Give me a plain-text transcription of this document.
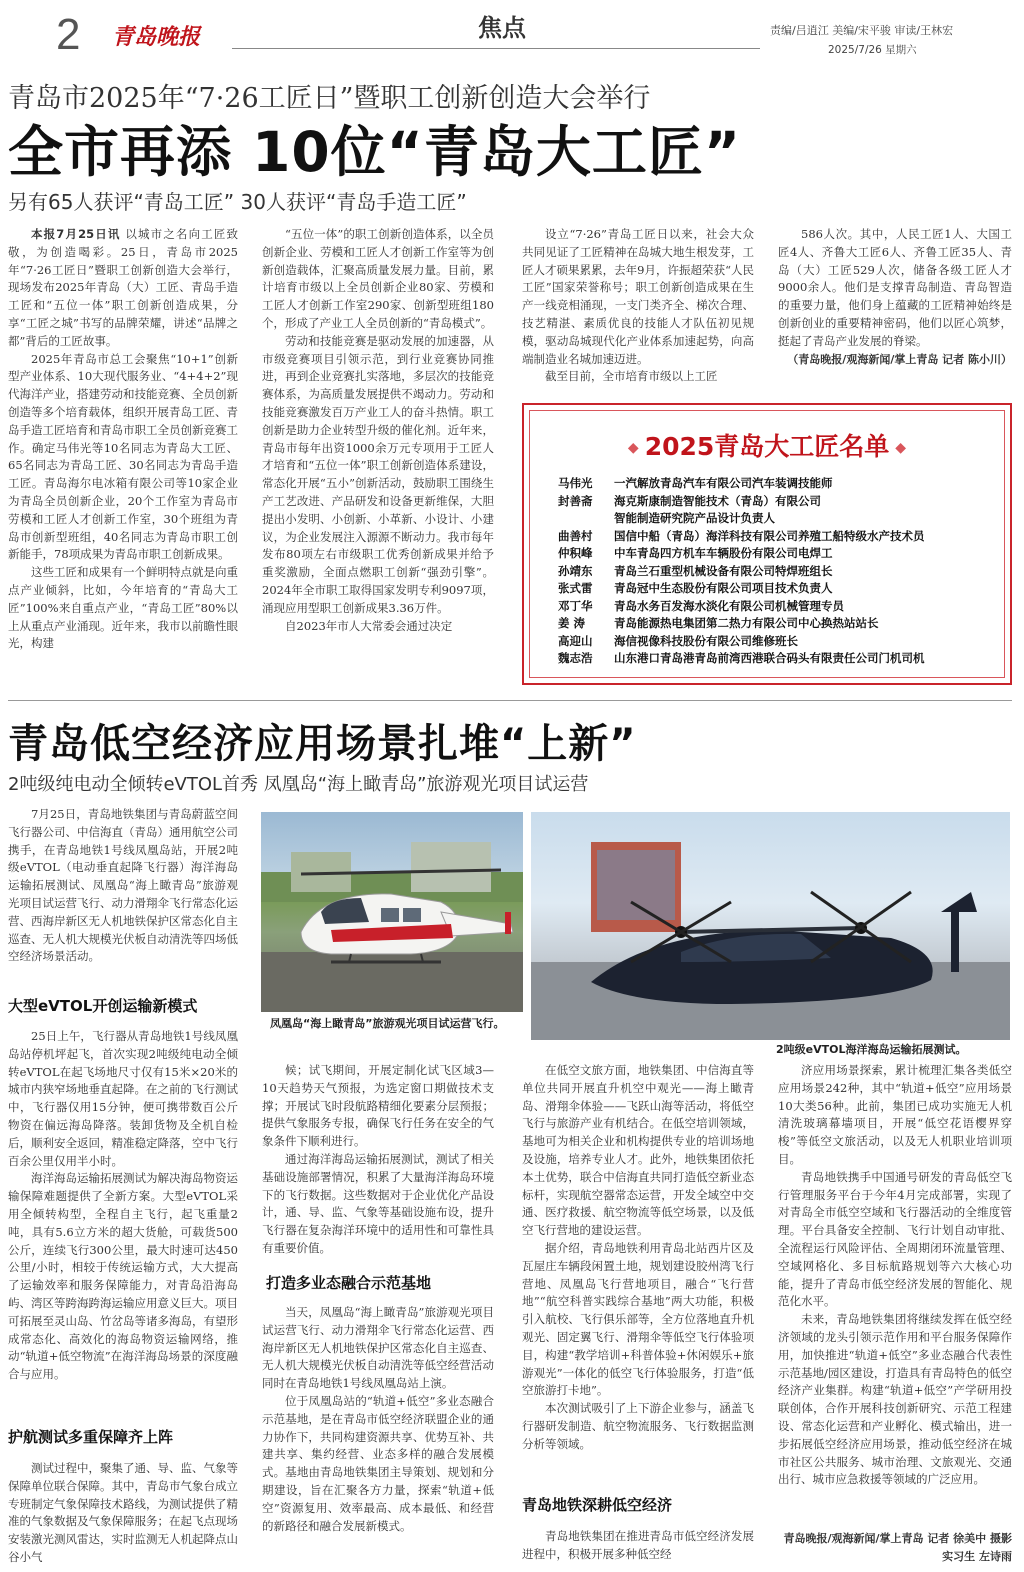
2 青岛晚报	焦点	责编/吕逍江 美编/宋平骏 审读/王林宏
2025/7/26 星期六
青岛市2025年“7·26工匠日”暨职工创新创造大会举行
全市再添 10位“青岛大工匠”
另有65人获评“青岛工匠” 30人获评“青岛手造工匠”

本报7月25日讯 以城市之名向工匠致敬，为创造喝彩。25日，青岛市2025年“7·26工匠日”暨职工创新创造大会举行，现场发布2025年青岛（大）工匠、青岛手造工匠和“五位一体”职工创新创造成果，分享“工匠之城”书写的品牌荣耀，讲述“品牌之都”背后的工匠故事。

2025年青岛市总工会聚焦“10+1”创新型产业体系、10大现代服务业、“4+4+2”现代海洋产业，搭建劳动和技能竞赛、全员创新创造等多个培育载体，组织开展青岛工匠、青岛手造工匠培育和青岛市职工全员创新竞赛工作。确定马伟光等10名同志为青岛大工匠、65名同志为青岛工匠、30名同志为青岛手造工匠。青岛海尔电冰箱有限公司等10家企业为青岛全员创新企业，20个工作室为青岛市劳模和工匠人才创新工作室，30个班组为青岛市创新型班组，40名同志为青岛市职工创新能手，78项成果为青岛市职工创新成果。

这些工匠和成果有一个鲜明特点就是向重点产业倾斜，比如，今年培育的“青岛大工匠”100%来自重点产业，“青岛工匠”80%以上从重点产业涌现。近年来，我市以前瞻性眼光，构建

“五位一体”的职工创新创造体系，以全员创新企业、劳模和工匠人才创新工作室等为创新创造载体，汇聚高质量发展力量。目前，累计培育市级以上全员创新企业80家、劳模和工匠人才创新工作室290家、创新型班组180个，形成了产业工人全员创新的“青岛模式”。

劳动和技能竞赛是驱动发展的加速器，从市级竞赛项目引领示范，到行业竞赛协同推进，再到企业竞赛扎实落地，多层次的技能竞赛体系，为高质量发展提供不竭动力。劳动和技能竞赛激发百万产业工人的奋斗热情。职工创新是助力企业转型升级的催化剂。近年来，青岛市每年出资1000余万元专项用于工匠人才培育和“五位一体”职工创新创造体系建设，常态化开展“五小”创新活动，鼓励职工围绕生产工艺改进、产品研发和设备更新维保，大胆提出小发明、小创新、小革新、小设计、小建议，为企业发展注入源源不断动力。我市每年发布80项左右市级职工优秀创新成果并给予重奖激励，全面点燃职工创新“强劲引擎”。2024年全市职工取得国家发明专利9097项，涌现应用型职工创新成果3.36万件。

自2023年市人大常委会通过决定

设立“7·26”青岛工匠日以来，社会大众共同见证了工匠精神在岛城大地生根发芽，工匠人才硕果累累，去年9月，许振超荣获“人民工匠”国家荣誉称号；职工创新创造成果在生产一线竞相涌现，一支门类齐全、梯次合理、技艺精湛、素质优良的技能人才队伍初见规模，驱动岛城现代化产业体系加速起势，向高端制造业名城加速迈进。

截至目前，全市培育市级以上工匠

586人次。其中，人民工匠1人、大国工匠4人、齐鲁大工匠6人、齐鲁工匠35人、青岛（大）工匠529人次，储备各级工匠人才9000余人。他们是支撑青岛制造、青岛智造的重要力量，他们身上蕴藏的工匠精神始终是创新创业的重要精神密码，他们以匠心筑梦，挺起了青岛产业发展的脊梁。

（青岛晚报/观海新闻/掌上青岛 记者 陈小川）

◆ 2025青岛大工匠名单 ◆
马伟光	一汽解放青岛汽车有限公司汽车装调技能师
封善斋	海克斯康制造智能技术（青岛）有限公司
智能制造研究院产品设计负责人
曲善村	国信中船（青岛）海洋科技有限公司养殖工船特级水产技术员
仲积峰	中车青岛四方机车车辆股份有限公司电焊工
孙靖东	青岛兰石重型机械设备有限公司特焊班组长
张式雷	青岛冠中生态股份有限公司项目技术负责人
邓丁华	青岛水务百发海水淡化有限公司机械管理专员
姜 涛	青岛能源热电集团第二热力有限公司中心换热站站长
高迎山	海信视像科技股份有限公司维修班长
魏志浩	山东港口青岛港青岛前湾西港联合码头有限责任公司门机司机
青岛低空经济应用场景扎堆“上新”
2吨级纯电动全倾转eVTOL首秀 凤凰岛“海上瞰青岛”旅游观光项目试运营

7月25日，青岛地铁集团与青岛蔚蓝空间飞行器公司、中信海直（青岛）通用航空公司携手，在青岛地铁1号线凤凰岛站，开展2吨级eVTOL（电动垂直起降飞行器）海洋海岛运输拓展测试、凤凰岛“海上瞰青岛”旅游观光项目试运营飞行、动力滑翔伞飞行常态化运营、西海岸新区无人机地铁保护区常态化自主巡查、无人机大规模光伏板自动清洗等四场低空经济场景活动。

大型eVTOL开创运输新模式

25日上午，飞行器从青岛地铁1号线凤凰岛站停机坪起飞，首次实现2吨级纯电动全倾转eVTOL在起飞场地尺寸仅有15米×20米的城市内狭窄场地垂直起降。在之前的飞行测试中，飞行器仅用15分钟，便可携带数百公斤物资在偏远海岛降落。装卸货物及全机自检后，顺利安全返回，精准稳定降落，空中飞行百余公里仅用半小时。

海洋海岛运输拓展测试为解决海岛物资运输保障难题提供了全新方案。大型eVTOL采用全倾转构型，全程自主飞行，起飞重量2吨，具有5.6立方米的超大货舱，可载货500公斤，连续飞行300公里，最大时速可达450公里/小时，相较于传统运输方式，大大提高了运输效率和服务保障能力，对青岛沿海岛屿、湾区等跨海跨海运输应用意义巨大。项目可拓展至灵山岛、竹岔岛等诸多海岛，有望形成常态化、高效化的海岛物资运输网络，推动“轨道+低空物流”在海洋海岛场景的深度融合与应用。

护航测试多重保障齐上阵

测试过程中，聚集了通、导、监、气象等保障单位联合保障。其中，青岛市气象台成立专班制定气象保障技术路线，为测试提供了精准的气象数据及气象保障服务；在起飞点现场安装激光测风雷达，实时监测无人机起降点山谷小气

凤凰岛“海上瞰青岛”旅游观光项目试运营飞行。
2吨级eVTOL海洋海岛运输拓展测试。

候；试飞期间，开展定制化试飞区域3—10天趋势天气预报，为选定窗口期做技术支撑；开展试飞时段航路精细化要素分层预报；提供气象服务专报，确保飞行任务在安全的气象条件下顺利进行。

通过海洋海岛运输拓展测试，测试了相关基础设施部署情况，积累了大量海洋海岛环境下的飞行数据。这些数据对于企业优化产品设计，通、导、监、气象等基础设施布设，提升飞行器在复杂海洋环境中的适用性和可靠性具有重要价值。

打造多业态融合示范基地

当天，凤凰岛“海上瞰青岛”旅游观光项目试运营飞行、动力滑翔伞飞行常态化运营、西海岸新区无人机地铁保护区常态化自主巡查、无人机大规模光伏板自动清洗等低空经营活动同时在青岛地铁1号线凤凰岛站上演。

位于凤凰岛站的“轨道+低空”多业态融合示范基地，是在青岛市低空经济联盟企业的通力协作下，共同构建资源共享、优势互补、共建共享、集约经营、业态多样的融合发展模式。基地由青岛地铁集团主导策划、规划和分期建设，旨在汇聚各方力量，探索“轨道+低空”资源复用、效率最高、成本最低、和经营的新路径和融合发展新模式。

在低空文旅方面，地铁集团、中信海直等单位共同开展直升机空中观光——海上瞰青岛、滑翔伞体验——飞跃山海等活动，将低空飞行与旅游产业有机结合。在低空培训领域，基地可为相关企业和机构提供专业的培训场地及设施，培养专业人才。此外，地铁集团依托本土优势，联合中信海直共同打造低空新业态标杆，实现航空器常态运营，开发全域空中交通、医疗救援、航空物流等低空场景，以及低空飞行营地的建设运营。

据介绍，青岛地铁利用青岛北站西片区及瓦屋庄车辆段闲置土地，规划建设胶州湾飞行营地、凤凰岛飞行营地项目，融合“飞行营地”“航空科普实践综合基地”两大功能，积极引入航校、飞行俱乐部等，全方位落地直升机观光、固定翼飞行、滑翔伞等低空飞行体验项目，构建“教学培训+科普体验+休闲娱乐+旅游观光”一体化的低空飞行体验服务，打造“低空旅游打卡地”。

本次测试吸引了上下游企业参与，涵盖飞行器研发制造、航空物流服务、飞行数据监测分析等领域。

青岛地铁深耕低空经济

青岛地铁集团在推进青岛市低空经济发展进程中，积极开展多种低空经

济应用场景探索，累计梳理汇集各类低空应用场景242种，其中“轨道+低空”应用场景10大类56种。此前，集团已成功实施无人机清洗玻璃幕墙项目，开展“低空花语樱界穿梭”等低空文旅活动，以及无人机职业培训项目。

青岛地铁携手中国通号研发的青岛低空飞行管理服务平台于今年4月完成部署，实现了对青岛全市低空空域和飞行器活动的全维度管理。平台具备安全控制、飞行计划自动审批、全流程运行风险评估、全周期闭环流量管理、空域网格化、多目标航路规划等六大核心功能，提升了青岛市低空经济发展的智能化、规范化水平。

未来，青岛地铁集团将继续发挥在低空经济领域的龙头引领示范作用和平台服务保障作用，加快推进“轨道+低空”多业态融合代表性示范基地/园区建设，打造具有青岛特色的低空经济产业集群。构建“轨道+低空”产学研用投联创体，合作开展科技创新研究、示范工程建设、常态化运营和产业孵化、模式输出，进一步拓展低空经济应用场景，推动低空经济在城市社区公共服务、城市治理、文旅观光、交通出行、城市应急救援等领域的广泛应用。

青岛晚报/观海新闻/掌上青岛 记者 徐美中 摄影 实习生 左诗雨
